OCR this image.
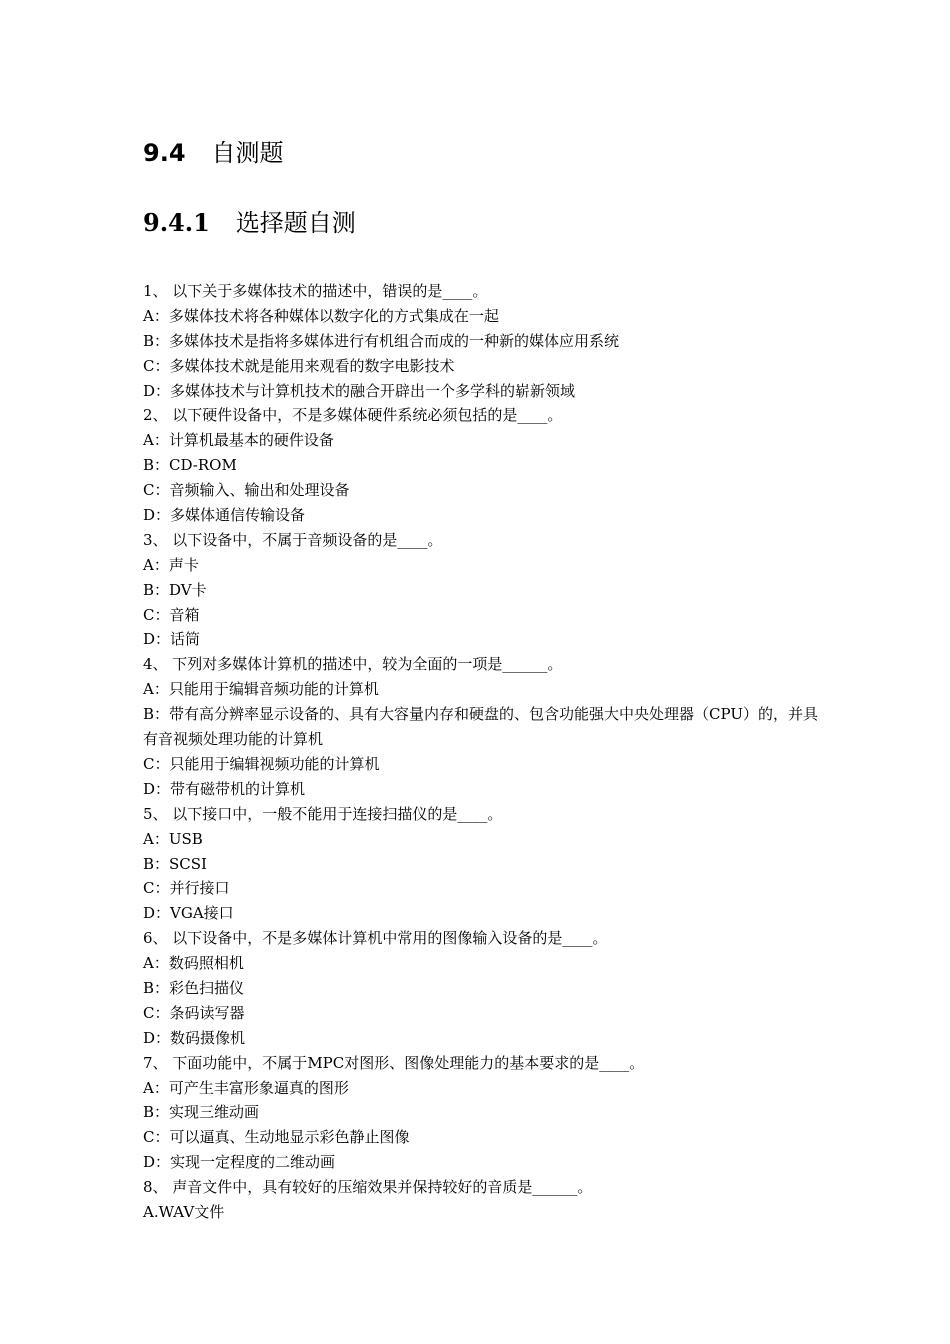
9.4 自测题
9.4.1 选择题自测
1、 以下关于多媒体技术的描述中，错误的是____。
A：多媒体技术将各种媒体以数字化的方式集成在一起
B：多媒体技术是指将多媒体进行有机组合而成的一种新的媒体应用系统
C：多媒体技术就是能用来观看的数字电影技术
D：多媒体技术与计算机技术的融合开辟出一个多学科的崭新领域
2、 以下硬件设备中，不是多媒体硬件系统必须包括的是____。
A：计算机最基本的硬件设备
B：CD-ROM
C：音频输入、输出和处理设备
D：多媒体通信传输设备
3、 以下设备中，不属于音频设备的是____。
A：声卡
B：DV卡
C：音箱
D：话筒
4、 下列对多媒体计算机的描述中，较为全面的一项是______。
A：只能用于编辑音频功能的计算机
B：带有高分辨率显示设备的、具有大容量内存和硬盘的、包含功能强大中央处理器（CPU）的，并具有音视频处理功能的计算机
C：只能用于编辑视频功能的计算机
D：带有磁带机的计算机
5、 以下接口中，一般不能用于连接扫描仪的是____。
A：USB
B：SCSI
C：并行接口
D：VGA接口
6、 以下设备中，不是多媒体计算机中常用的图像输入设备的是____。
A：数码照相机
B：彩色扫描仪
C：条码读写器
D：数码摄像机
7、 下面功能中，不属于MPC对图形、图像处理能力的基本要求的是____。
A：可产生丰富形象逼真的图形
B：实现三维动画
C：可以逼真、生动地显示彩色静止图像
D：实现一定程度的二维动画
8、 声音文件中，具有较好的压缩效果并保持较好的音质是______。
A.WAV文件
